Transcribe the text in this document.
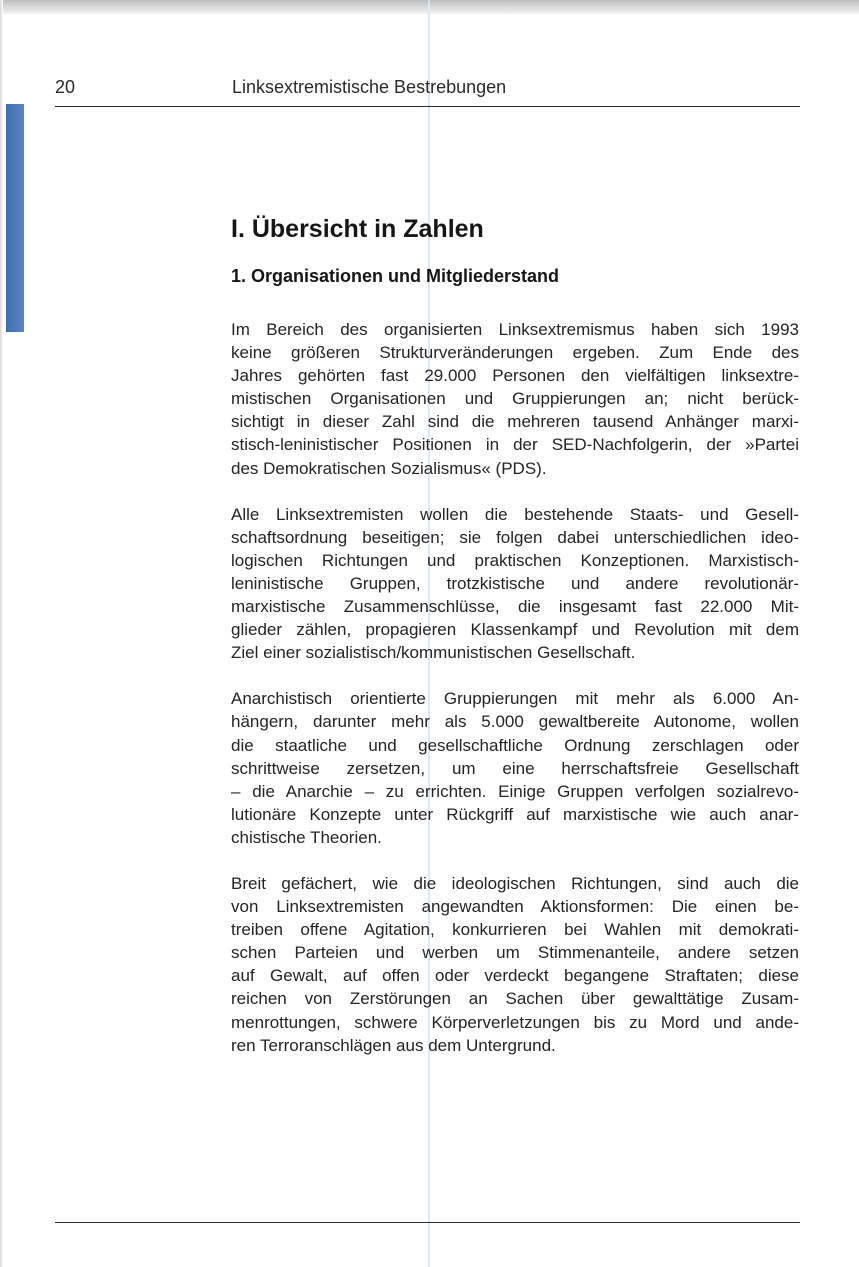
20	Linksextremistische Bestrebungen
I. Übersicht in Zahlen
1. Organisationen und Mitgliederstand

Im Bereich des organisierten Linksextremismus haben sich 1993
keine größeren Strukturveränderungen ergeben. Zum Ende des
Jahres gehörten fast 29.000 Personen den vielfältigen linksextre-
mistischen Organisationen und Gruppierungen an; nicht berück-
sichtigt in dieser Zahl sind die mehreren tausend Anhänger marxi-
stisch-leninistischer Positionen in der SED-Nachfolgerin, der »Partei
des Demokratischen Sozialismus« (PDS).

Alle Linksextremisten wollen die bestehende Staats- und Gesell-
schaftsordnung beseitigen; sie folgen dabei unterschiedlichen ideo-
logischen Richtungen und praktischen Konzeptionen. Marxistisch-
leninistische Gruppen, trotzkistische und andere revolutionär-
marxistische Zusammenschlüsse, die insgesamt fast 22.000 Mit-
glieder zählen, propagieren Klassenkampf und Revolution mit dem
Ziel einer sozialistisch/kommunistischen Gesellschaft.

Anarchistisch orientierte Gruppierungen mit mehr als 6.000 An-
hängern, darunter mehr als 5.000 gewaltbereite Autonome, wollen
die staatliche und gesellschaftliche Ordnung zerschlagen oder
schrittweise zersetzen, um eine herrschaftsfreie Gesellschaft
– die Anarchie – zu errichten. Einige Gruppen verfolgen sozialrevo-
lutionäre Konzepte unter Rückgriff auf marxistische wie auch anar-
chistische Theorien.

Breit gefächert, wie die ideologischen Richtungen, sind auch die
von Linksextremisten angewandten Aktionsformen: Die einen be-
treiben offene Agitation, konkurrieren bei Wahlen mit demokrati-
schen Parteien und werben um Stimmenanteile, andere setzen
auf Gewalt, auf offen oder verdeckt begangene Straftaten; diese
reichen von Zerstörungen an Sachen über gewalttätige Zusam-
menrottungen, schwere Körperverletzungen bis zu Mord und ande-
ren Terroranschlägen aus dem Untergrund.
